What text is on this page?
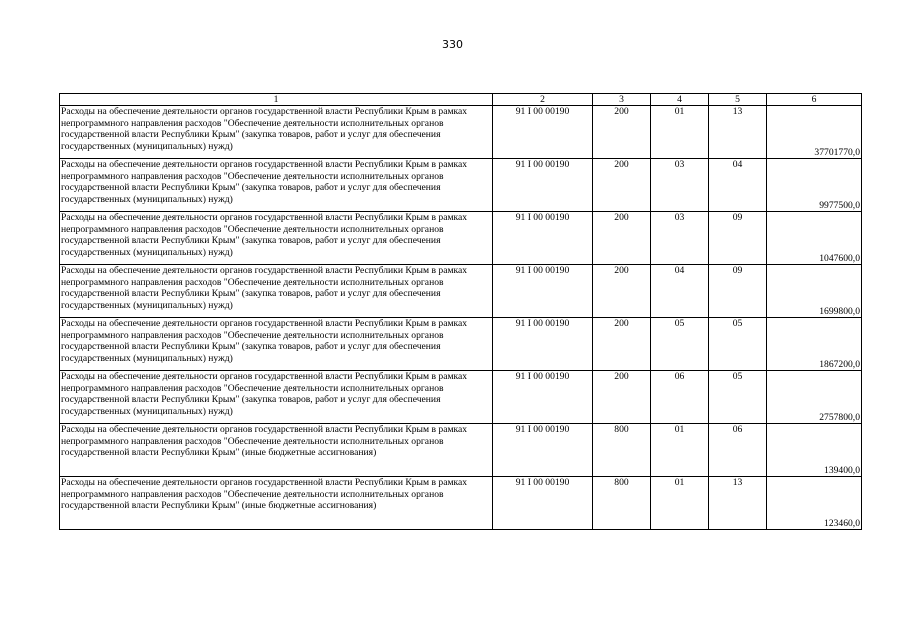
330
1	2	3	4	5	6
Расходы на обеспечение деятельности органов государственной власти Республики Крым в рамках непрограммного направления расходов "Обеспечение деятельности исполнительных органов государственной власти Республики Крым" (закупка товаров, работ и услуг для обеспечения государственных (муниципальных) нужд)	91 I 00 00190	200	01	13	37701770,0
Расходы на обеспечение деятельности органов государственной власти Республики Крым в рамках непрограммного направления расходов "Обеспечение деятельности исполнительных органов государственной власти Республики Крым" (закупка товаров, работ и услуг для обеспечения государственных (муниципальных) нужд)	91 I 00 00190	200	03	04	9977500,0
Расходы на обеспечение деятельности органов государственной власти Республики Крым в рамках непрограммного направления расходов "Обеспечение деятельности исполнительных органов государственной власти Республики Крым" (закупка товаров, работ и услуг для обеспечения государственных (муниципальных) нужд)	91 I 00 00190	200	03	09	1047600,0
Расходы на обеспечение деятельности органов государственной власти Республики Крым в рамках непрограммного направления расходов "Обеспечение деятельности исполнительных органов государственной власти Республики Крым" (закупка товаров, работ и услуг для обеспечения государственных (муниципальных) нужд)	91 I 00 00190	200	04	09	1699800,0
Расходы на обеспечение деятельности органов государственной власти Республики Крым в рамках непрограммного направления расходов "Обеспечение деятельности исполнительных органов государственной власти Республики Крым" (закупка товаров, работ и услуг для обеспечения государственных (муниципальных) нужд)	91 I 00 00190	200	05	05	1867200,0
Расходы на обеспечение деятельности органов государственной власти Республики Крым в рамках непрограммного направления расходов "Обеспечение деятельности исполнительных органов государственной власти Республики Крым" (закупка товаров, работ и услуг для обеспечения государственных (муниципальных) нужд)	91 I 00 00190	200	06	05	2757800,0
Расходы на обеспечение деятельности органов государственной власти Республики Крым в рамках непрограммного направления расходов "Обеспечение деятельности исполнительных органов государственной власти Республики Крым" (иные бюджетные ассигнования)	91 I 00 00190	800	01	06	139400,0
Расходы на обеспечение деятельности органов государственной власти Республики Крым в рамках непрограммного направления расходов "Обеспечение деятельности исполнительных органов государственной власти Республики Крым" (иные бюджетные ассигнования)	91 I 00 00190	800	01	13	123460,0
